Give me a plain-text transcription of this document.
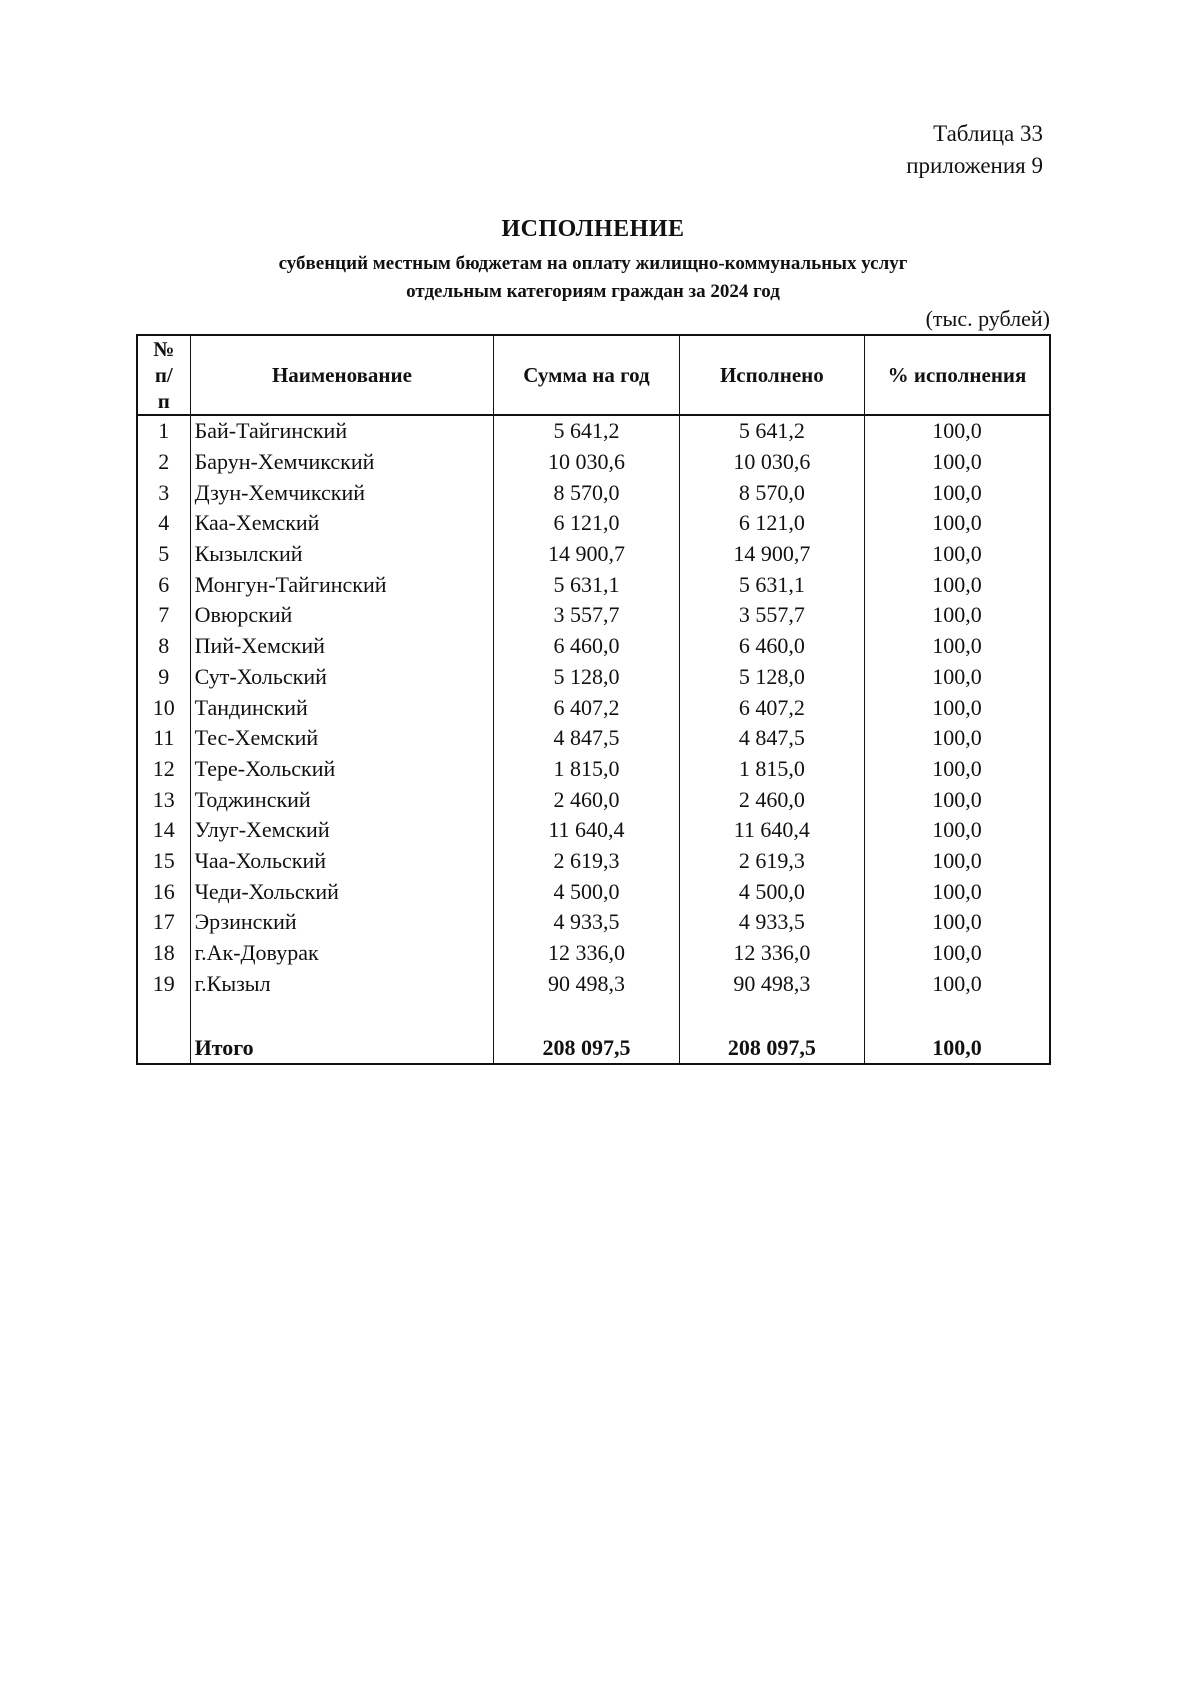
Таблица 33
приложения 9
ИСПОЛНЕНИЕ
субвенций местным бюджетам на оплату жилищно-коммунальных услуг
отдельным категориям граждан за 2024 год
(тыс. рублей)
№ п/п	Наименование	Сумма на год	Исполнено	% исполнения
1	Бай-Тайгинский	5 641,2	5 641,2	100,0
2	Барун-Хемчикский	10 030,6	10 030,6	100,0
3	Дзун-Хемчикский	8 570,0	8 570,0	100,0
4	Каа-Хемский	6 121,0	6 121,0	100,0
5	Кызылский	14 900,7	14 900,7	100,0
6	Монгун-Тайгинский	5 631,1	5 631,1	100,0
7	Овюрский	3 557,7	3 557,7	100,0
8	Пий-Хемский	6 460,0	6 460,0	100,0
9	Сут-Хольский	5 128,0	5 128,0	100,0
10	Тандинский	6 407,2	6 407,2	100,0
11	Тес-Хемский	4 847,5	4 847,5	100,0
12	Тере-Хольский	1 815,0	1 815,0	100,0
13	Тоджинский	2 460,0	2 460,0	100,0
14	Улуг-Хемский	11 640,4	11 640,4	100,0
15	Чаа-Хольский	2 619,3	2 619,3	100,0
16	Чеди-Хольский	4 500,0	4 500,0	100,0
17	Эрзинский	4 933,5	4 933,5	100,0
18	г.Ак-Довурак	12 336,0	12 336,0	100,0
19	г.Кызыл	90 498,3	90 498,3	100,0

	Итого	208 097,5	208 097,5	100,0
